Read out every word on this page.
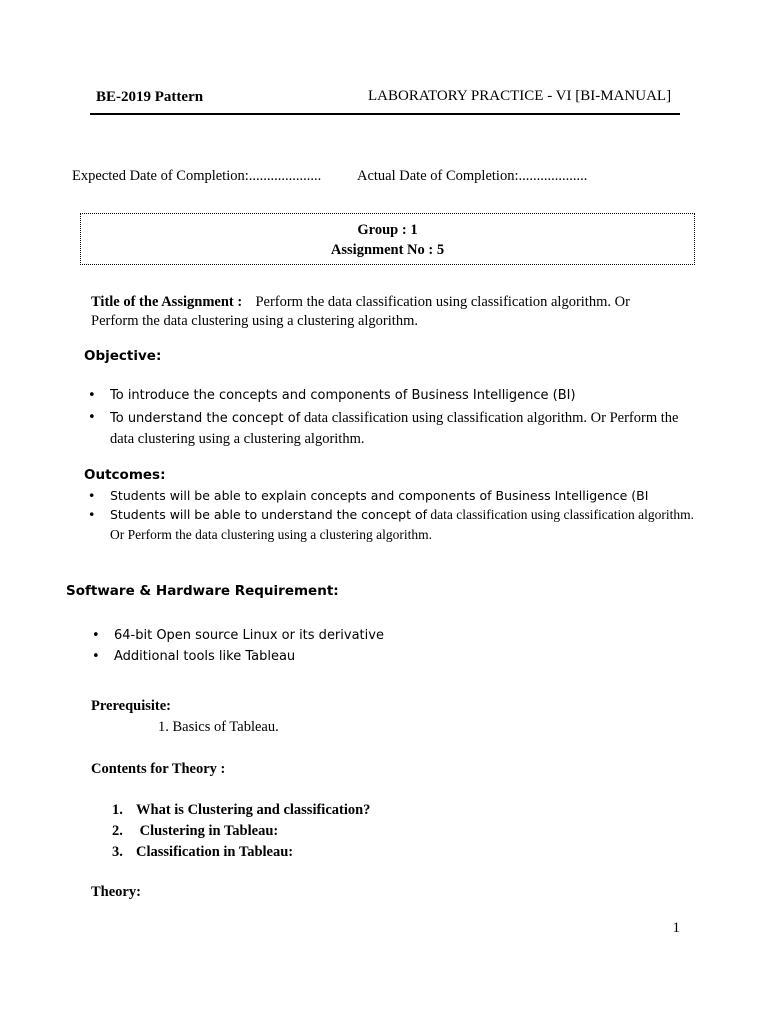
BE-2019 Pattern	LABORATORY PRACTICE - VI [BI-MANUAL]
Expected Date of Completion:.................... Actual Date of Completion:...................
Group : 1
Assignment No : 5
Title of the Assignment : Perform the data classification using classification algorithm. Or
Perform the data clustering using a clustering algorithm.
Objective:
• To introduce the concepts and components of Business Intelligence (BI)
• To understand the concept of data classification using classification algorithm. Or Perform the
data clustering using a clustering algorithm.
Outcomes:
• Students will be able to explain concepts and components of Business Intelligence (BI
• Students will be able to understand the concept of data classification using classification algorithm.
Or Perform the data clustering using a clustering algorithm.
Software & Hardware Requirement:
• 64-bit Open source Linux or its derivative
• Additional tools like Tableau
Prerequisite:
1. Basics of Tableau.
Contents for Theory :
1. What is Clustering and classification?
2. Clustering in Tableau:
3. Classification in Tableau:
Theory:
1
